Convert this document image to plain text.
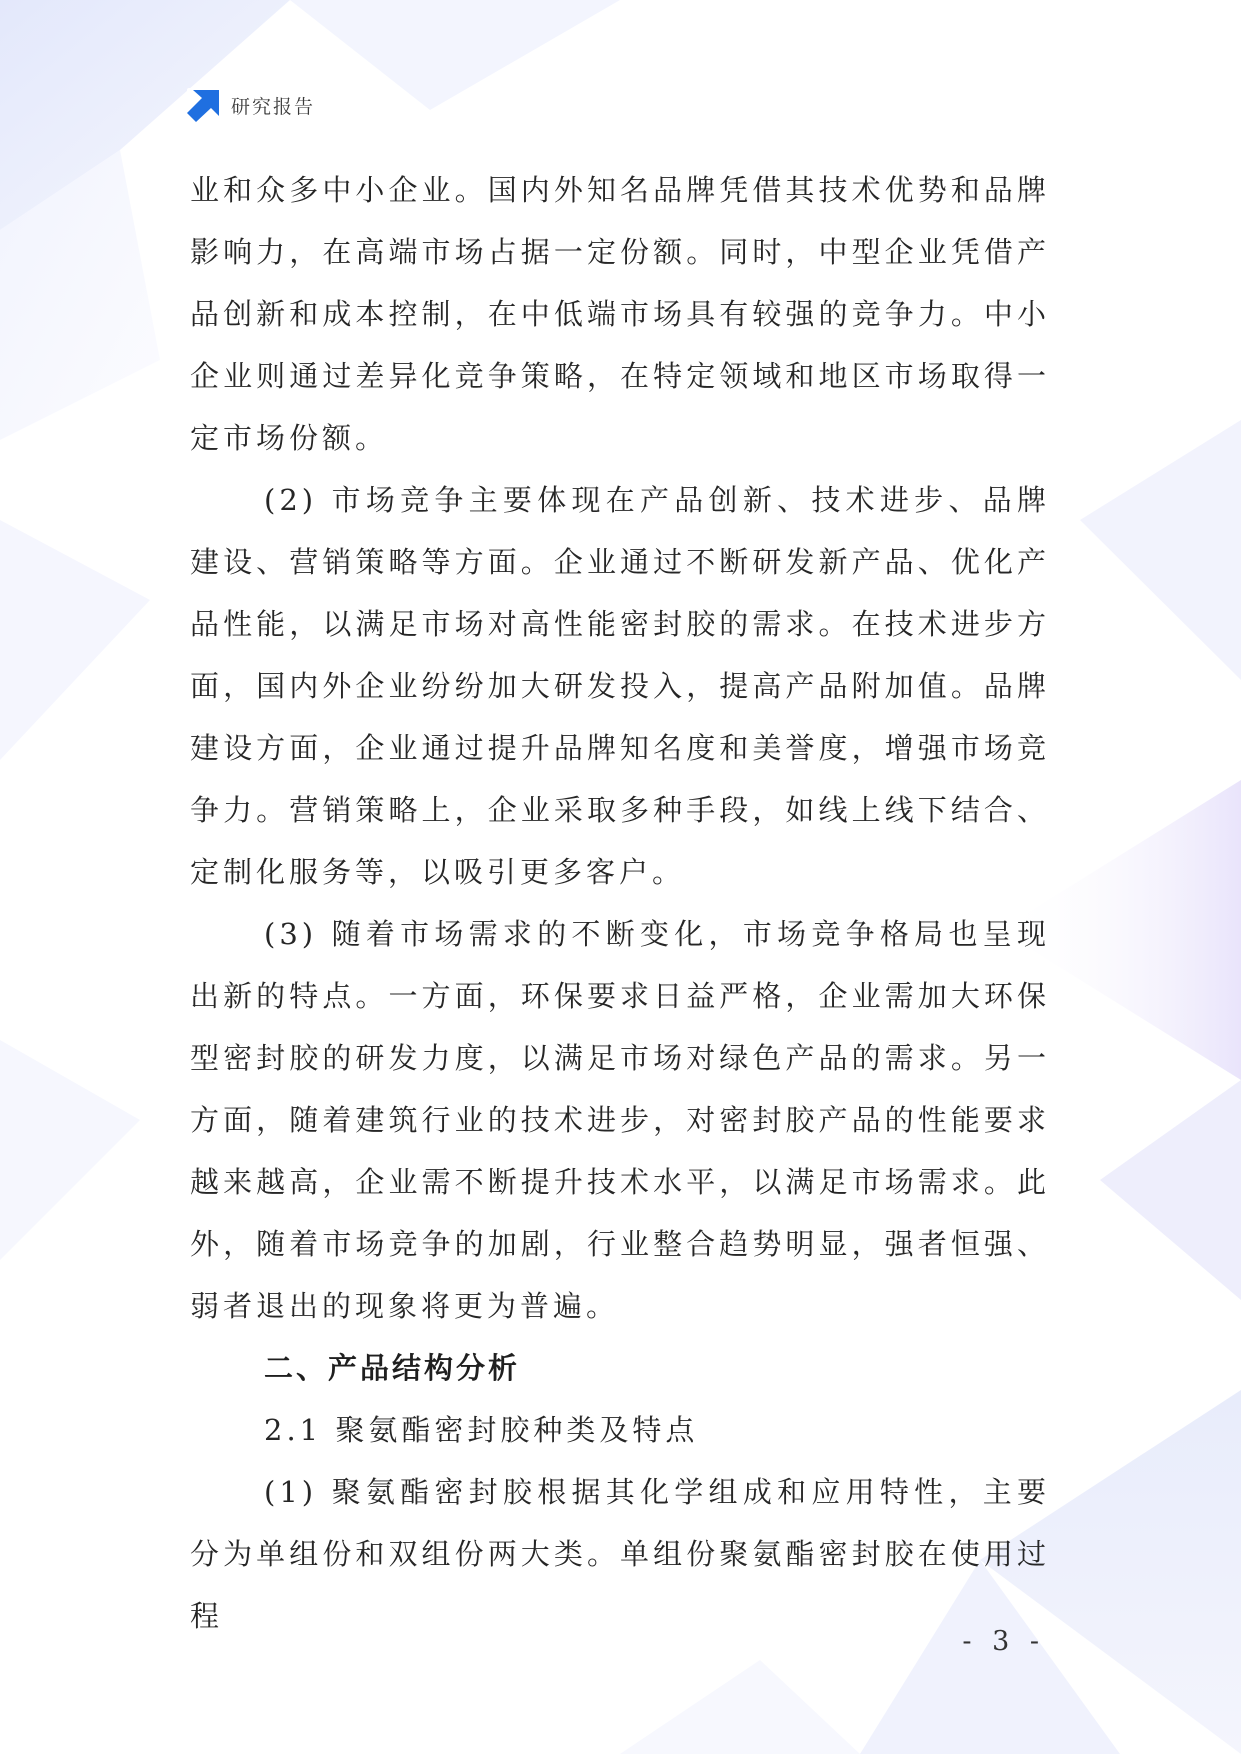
研究报告

业和众多中小企业。国内外知名品牌凭借其技术优势和品牌影响力，在高端市场占据一定份额。同时，中型企业凭借产品创新和成本控制，在中低端市场具有较强的竞争力。中小企业则通过差异化竞争策略，在特定领域和地区市场取得一定市场份额。

(2) 市场竞争主要体现在产品创新、技术进步、品牌建设、营销策略等方面。企业通过不断研发新产品、优化产品性能，以满足市场对高性能密封胶的需求。在技术进步方面，国内外企业纷纷加大研发投入，提高产品附加值。品牌建设方面，企业通过提升品牌知名度和美誉度，增强市场竞争力。营销策略上，企业采取多种手段，如线上线下结合、定制化服务等，以吸引更多客户。

(3) 随着市场需求的不断变化，市场竞争格局也呈现出新的特点。一方面，环保要求日益严格，企业需加大环保型密封胶的研发力度，以满足市场对绿色产品的需求。另一方面，随着建筑行业的技术进步，对密封胶产品的性能要求越来越高，企业需不断提升技术水平，以满足市场需求。此外，随着市场竞争的加剧，行业整合趋势明显，强者恒强、弱者退出的现象将更为普遍。

二、产品结构分析

2.1 聚氨酯密封胶种类及特点

(1) 聚氨酯密封胶根据其化学组成和应用特性，主要分为单组份和双组份两大类。单组份聚氨酯密封胶在使用过程

- 3 -
